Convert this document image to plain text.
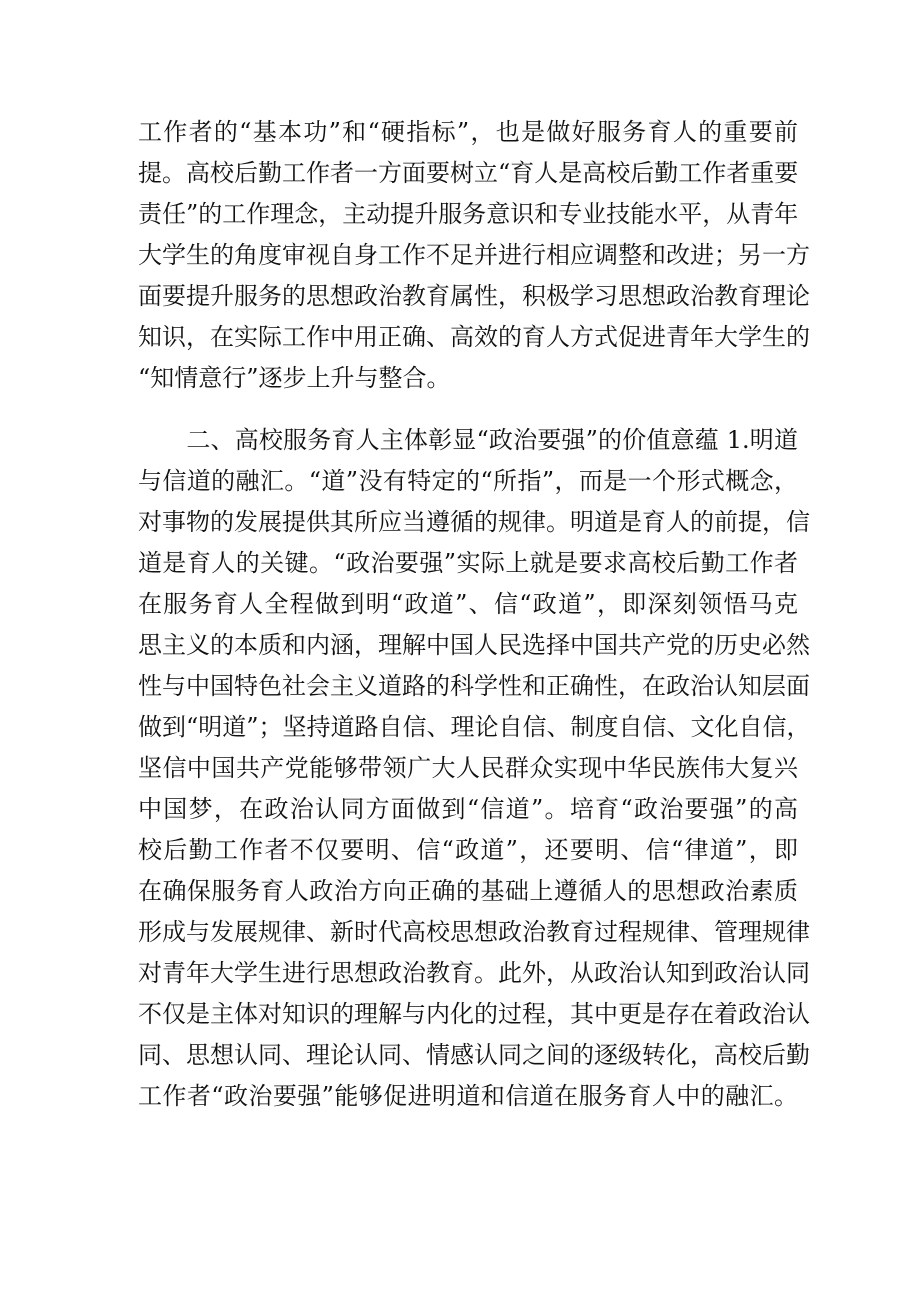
工作者的“基本功”和“硬指标”，也是做好服务育人的重要前
提。高校后勤工作者一方面要树立“育人是高校后勤工作者重要
责任”的工作理念，主动提升服务意识和专业技能水平，从青年
大学生的角度审视自身工作不足并进行相应调整和改进；另一方
面要提升服务的思想政治教育属性，积极学习思想政治教育理论
知识，在实际工作中用正确、高效的育人方式促进青年大学生的
“知情意行”逐步上升与整合。
　　二、高校服务育人主体彰显“政治要强”的价值意蕴 1.明道
与信道的融汇。“道”没有特定的“所指”，而是一个形式概念，
对事物的发展提供其所应当遵循的规律。明道是育人的前提，信
道是育人的关键。“政治要强”实际上就是要求高校后勤工作者
在服务育人全程做到明“政道”、信“政道”，即深刻领悟马克
思主义的本质和内涵，理解中国人民选择中国共产党的历史必然
性与中国特色社会主义道路的科学性和正确性，在政治认知层面
做到“明道”；坚持道路自信、理论自信、制度自信、文化自信，
坚信中国共产党能够带领广大人民群众实现中华民族伟大复兴
中国梦，在政治认同方面做到“信道”。培育“政治要强”的高
校后勤工作者不仅要明、信“政道”，还要明、信“律道”，即
在确保服务育人政治方向正确的基础上遵循人的思想政治素质
形成与发展规律、新时代高校思想政治教育过程规律、管理规律
对青年大学生进行思想政治教育。此外，从政治认知到政治认同
不仅是主体对知识的理解与内化的过程，其中更是存在着政治认
同、思想认同、理论认同、情感认同之间的逐级转化，高校后勤
工作者“政治要强”能够促进明道和信道在服务育人中的融汇。
